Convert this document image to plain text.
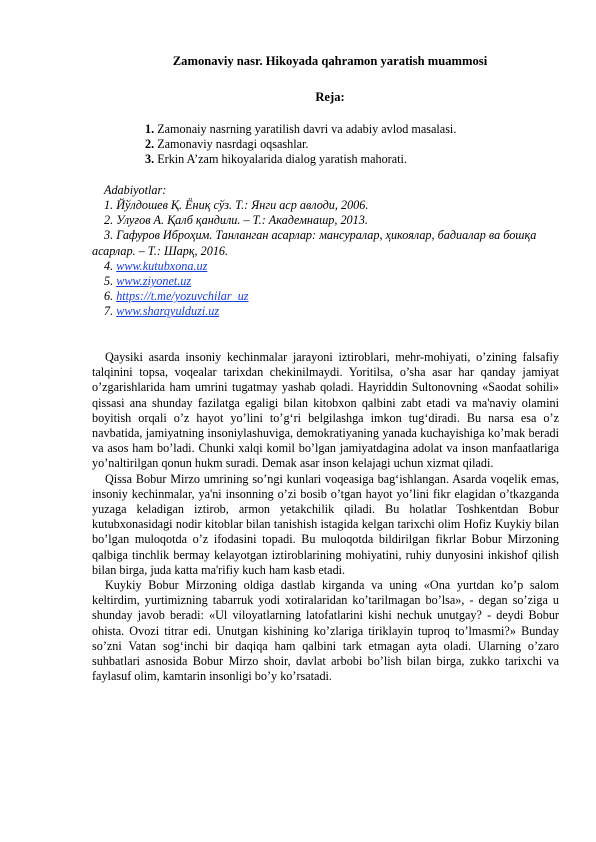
Zamonaviy nasr. Hikoyada qahramon yaratish muammosi
Reja:
1. Zamonaiy nasrning yaratilish davri va adabiy avlod masalasi.
2. Zamonaviy nasrdagi oqsashlar.
3. Erkin A’zam hikoyalarida dialog yaratish mahorati.
Adabiyotlar:
1. Йўлдошев Қ. Ёниқ сўз. Т.: Янги аср авлоди, 2006.
2. Улуғов А. Қалб қандили. – Т.: Академнашр, 2013.
3. Гафуров Иброҳим. Танланган асарлар: мансуралар, ҳикоялар, бадиалар ва бошқа асарлар. – Т.: Шарқ, 2016.
4. www.kutubxona.uz
5. www.ziyonet.uz
6. https://t.me/yozuvchilar_uz
7. www.sharqyulduzi.uz

Qaysiki asarda insoniy kechinmalar jarayoni iztiroblari, mehr-mohiyati, o’zining falsafiy talqinini topsa, voqealar tarixdan chekinilmaydi. Yoritilsa, o’sha asar har qanday jamiyat o’zgarishlarida ham umrini tugatmay yashab qoladi. Hayriddin Sultonovning «Saodat sohili» qissasi ana shunday fazilatga egaligi bilan kitobxon qalbini zabt etadi va ma'naviy olamini boyitish orqali o’z hayot yo’lini to’g‘ri belgilashga imkon tug‘diradi. Bu narsa esa o’z navbatida, jamiyatning insoniylashuviga, demokratiyaning yanada kuchayishiga ko’mak beradi va asos ham bo’ladi. Chunki xalqi komil bo’lgan jamiyatdagina adolat va inson manfaatlariga yo’naltirilgan qonun hukm suradi. Demak asar inson kelajagi uchun xizmat qiladi.

Qissa Bobur Mirzo umrining so’ngi kunlari voqeasiga bag‘ishlangan. Asarda voqelik emas, insoniy kechinmalar, ya'ni insonning o’zi bosib o’tgan hayot yo’lini fikr elagidan o’tkazganda yuzaga keladigan iztirob, armon yetakchilik qiladi. Bu holatlar Toshkentdan Bobur kutubxonasidagi nodir kitoblar bilan tanishish istagida kelgan tarixchi olim Hofiz Kuykiy bilan bo’lgan muloqotda o’z ifodasini topadi. Bu muloqotda bildirilgan fikrlar Bobur Mirzoning qalbiga tinchlik bermay kelayotgan iztiroblarining mohiyatini, ruhiy dunyosini inkishof qilish bilan birga, juda katta ma'rifiy kuch ham kasb etadi.

Kuykiy Bobur Mirzoning oldiga dastlab kirganda va uning «Ona yurtdan ko’p salom keltirdim, yurtimizning tabarruk yodi xotiralaridan ko’tarilmagan bo’lsa», - degan so’ziga u shunday javob beradi: «Ul viloyatlarning latofatlarini kishi nechuk unutgay? - deydi Bobur ohista. Ovozi titrar edi. Unutgan kishining ko’zlariga tiriklayin tuproq to’lmasmi?» Bunday so’zni Vatan sog‘inchi bir daqiqa ham qalbini tark etmagan ayta oladi. Ularning o’zaro suhbatlari asnosida Bobur Mirzo shoir, davlat arbobi bo’lish bilan birga, zukko tarixchi va faylasuf olim, kamtarin insonligi bo’y ko’rsatadi.
